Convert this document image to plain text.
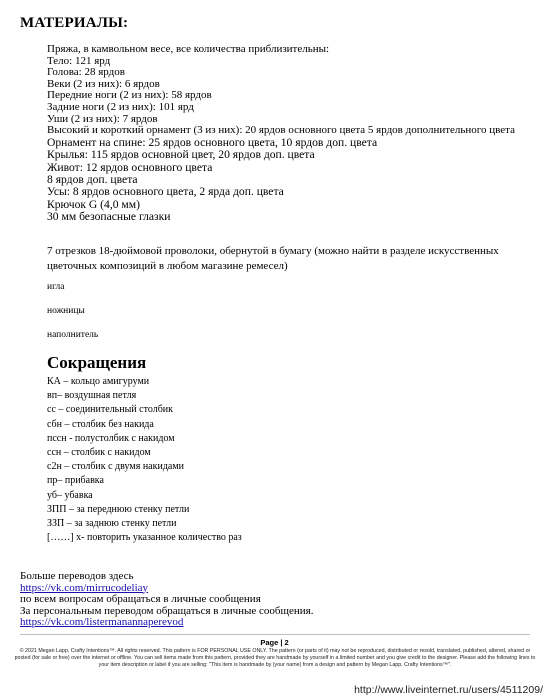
МАТЕРИАЛЫ:
Пряжа, в камвольном весе, все количества приблизительны:
Тело: 121 ярд
Голова: 28 ярдов
Веки (2 из них): 6 ярдов
Передние ноги (2 из них): 58 ярдов
Задние ноги (2 из них): 101 ярд
Уши (2 из них): 7 ярдов
Высокий и короткий орнамент (3 из них): 20 ярдов основного цвета 5 ярдов дополнительного цвета
Орнамент на спине: 25 ярдов основного цвета, 10 ярдов доп. цвета
Крылья: 115 ярдов основной цвет, 20 ярдов доп. цвета
Живот: 12 ярдов основного цвета
8 ярдов доп. цвета
Усы: 8 ярдов основного цвета, 2 ярда доп. цвета
Крючок G (4,0 мм)
30 мм безопасные глазки
7 отрезков 18-дюймовой проволоки, обернутой в бумагу (можно найти в разделе искусственных цветочных композиций в любом магазине ремесел)
игла
ножницы
наполнитель
Сокращения
КА – кольцо амигуруми
вп– воздушная петля
сс – соединительный столбик
сбн – столбик без накида
пссн - полустолбик с накидом
ссн – столбик с накидом
с2н – столбик с двумя накидами
пр– прибавка
уб– убавка
ЗПП – за переднюю стенку петли
ЗЗП – за заднюю стенку петли
[……] х- повторить указанное количество раз
Больше переводов здесь
https://vk.com/mirrucodeliay
по всем вопросам обращаться в личные сообщения
За персональным переводом обращаться в личные сообщения.
https://vk.com/listermanannaperevod
Page | 2
© 2021 Megan Lapp, Crafty Intentions™. All rights reserved. This pattern is FOR PERSONAL USE ONLY. The pattern (or parts of it) may not be reproduced, distributed or resold, translated, published, altered, shared or posted (for sale or free) over the internet or offline. You can sell items made from this pattern, provided they are handmade by yourself in a limited number and you give credit to the designer. Please add the following lines to your item description or label if you are selling: "This item is handmade by (your name) from a design and pattern by Megan Lapp, Crafty Intentions™".
http://www.liveinternet.ru/users/4511209/
